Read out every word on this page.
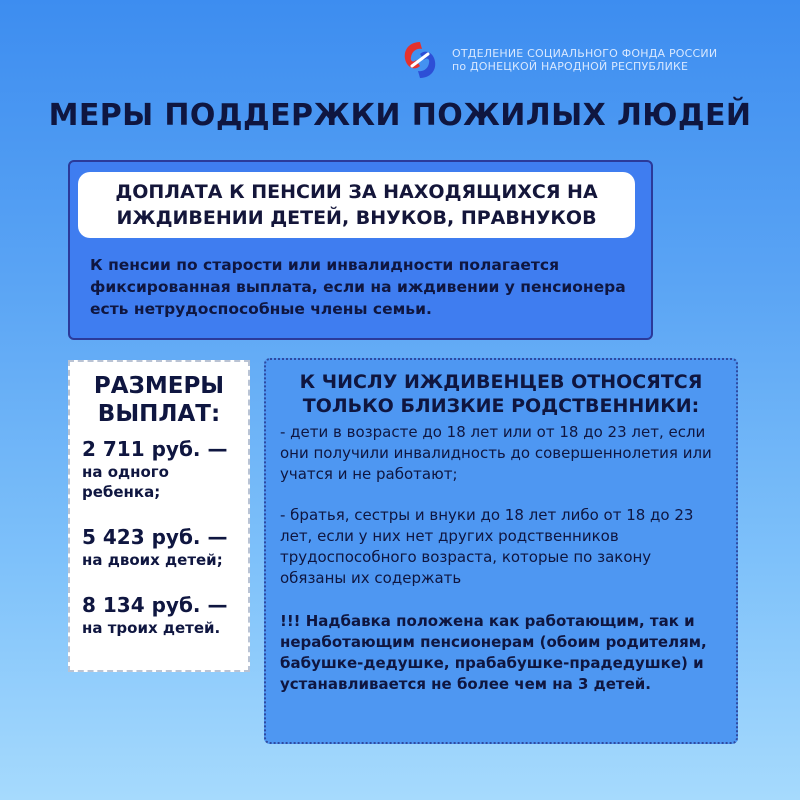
ОТДЕЛЕНИЕ СОЦИАЛЬНОГО ФОНДА РОССИИ
по ДОНЕЦКОЙ НАРОДНОЙ РЕСПУБЛИКЕ
МЕРЫ ПОДДЕРЖКИ ПОЖИЛЫХ ЛЮДЕЙ
ДОПЛАТА К ПЕНСИИ ЗА НАХОДЯЩИХСЯ НА
ИЖДИВЕНИИ ДЕТЕЙ, ВНУКОВ, ПРАВНУКОВ

К пенсии по старости или инвалидности полагается фиксированная выплата, если на иждивении у пенсионера есть нетрудоспособные члены семьи.

РАЗМЕРЫ
ВЫПЛАТ:
2 711 руб. —
на одного ребенка;
5 423 руб. —
на двоих детей;
8 134 руб. —
на троих детей.
К ЧИСЛУ ИЖДИВЕНЦЕВ ОТНОСЯТСЯ
ТОЛЬКО БЛИЗКИЕ РОДСТВЕННИКИ:

- дети в возрасте до 18 лет или от 18 до 23 лет, если они получили инвалидность до совершеннолетия или учатся и не работают;

- братья, сестры и внуки до 18 лет либо от 18 до 23 лет, если у них нет других родственников трудоспособного возраста, которые по закону обязаны их содержать

!!! Надбавка положена как работающим, так и неработающим пенсионерам (обоим родителям, бабушке-дедушке, прабабушке-прадедушке) и устанавливается не более чем на 3 детей.
